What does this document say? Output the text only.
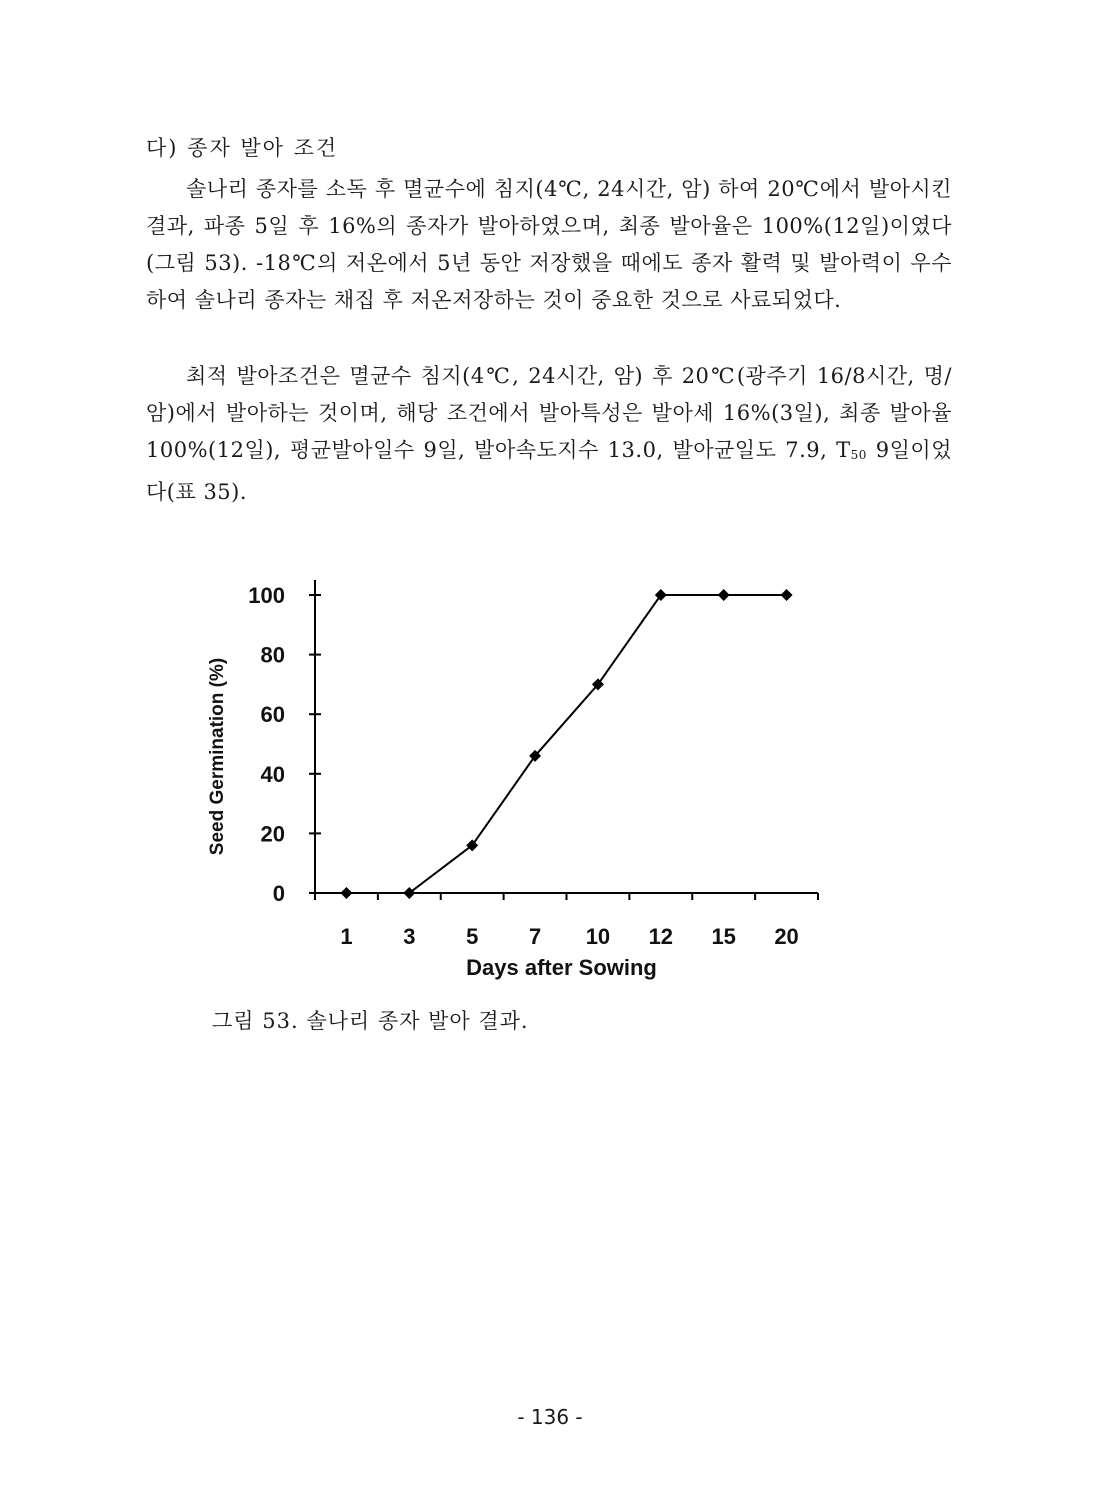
다) 종자 발아 조건
솔나리 종자를 소독 후 멸균수에 침지(4℃, 24시간, 암) 하여 20℃에서 발아시킨 결과, 파종 5일 후 16%의 종자가 발아하였으며, 최종 발아율은 100%(12일)이였다(그림 53). -18℃의 저온에서 5년 동안 저장했을 때에도 종자 활력 및 발아력이 우수하여 솔나리 종자는 채집 후 저온저장하는 것이 중요한 것으로 사료되었다.
최적 발아조건은 멸균수 침지(4℃, 24시간, 암) 후 20℃(광주기 16/8시간, 명/암)에서 발아하는 것이며, 해당 조건에서 발아특성은 발아세 16%(3일), 최종 발아율 100%(12일), 평균발아일수 9일, 발아속도지수 13.0, 발아균일도 7.9, T50 9일이었다(표 35).
0
20
40
60
80
100
1 3 5 7 10 12 15 20
Days after Sowing
Seed Germination (%)
그림 53. 솔나리 종자 발아 결과.
- 136 -
